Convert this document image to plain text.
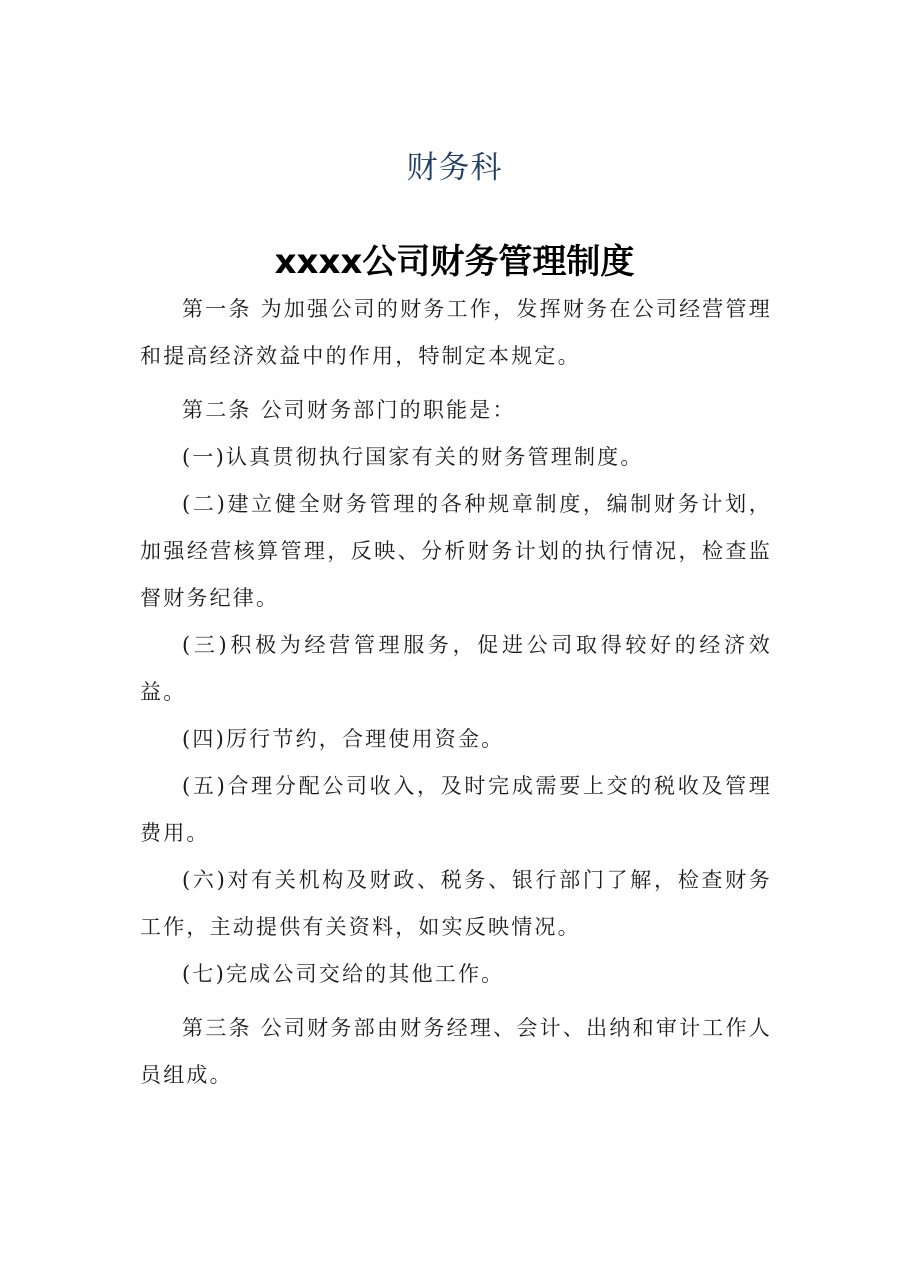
财务科
xxxx公司财务管理制度

第一条 为加强公司的财务工作，发挥财务在公司经营管理和提高经济效益中的作用，特制定本规定。

第二条 公司财务部门的职能是：

(一)认真贯彻执行国家有关的财务管理制度。

(二)建立健全财务管理的各种规章制度，编制财务计划，加强经营核算管理，反映、分析财务计划的执行情况，检查监督财务纪律。

(三)积极为经营管理服务，促进公司取得较好的经济效益。

(四)厉行节约，合理使用资金。

(五)合理分配公司收入，及时完成需要上交的税收及管理费用。

(六)对有关机构及财政、税务、银行部门了解，检查财务工作，主动提供有关资料，如实反映情况。

(七)完成公司交给的其他工作。

第三条 公司财务部由财务经理、会计、出纳和审计工作人员组成。
